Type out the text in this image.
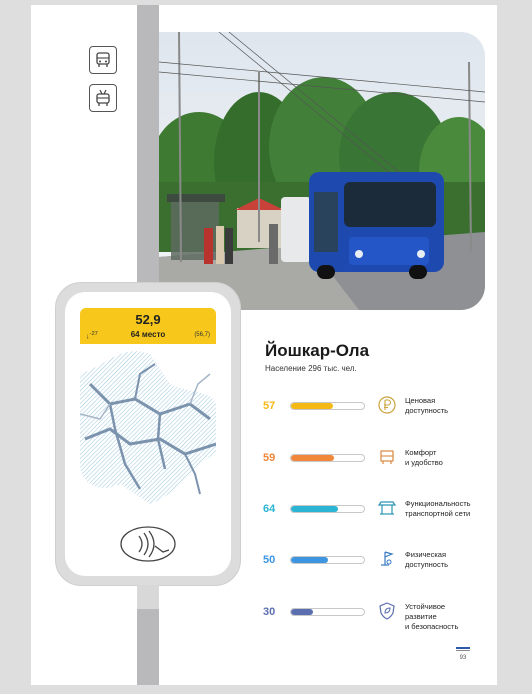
52,9
64 место
↓$^{-27}$	(56,7)
Йошкар-Ола
Население 296 тыс. чел.
57	Ценовая
доступность
59	Комфорт
и удобство
64	Функциональность
транспортной сети
50	Физическая
доступность
30	Устойчивое
развитие
и безопасность
93
